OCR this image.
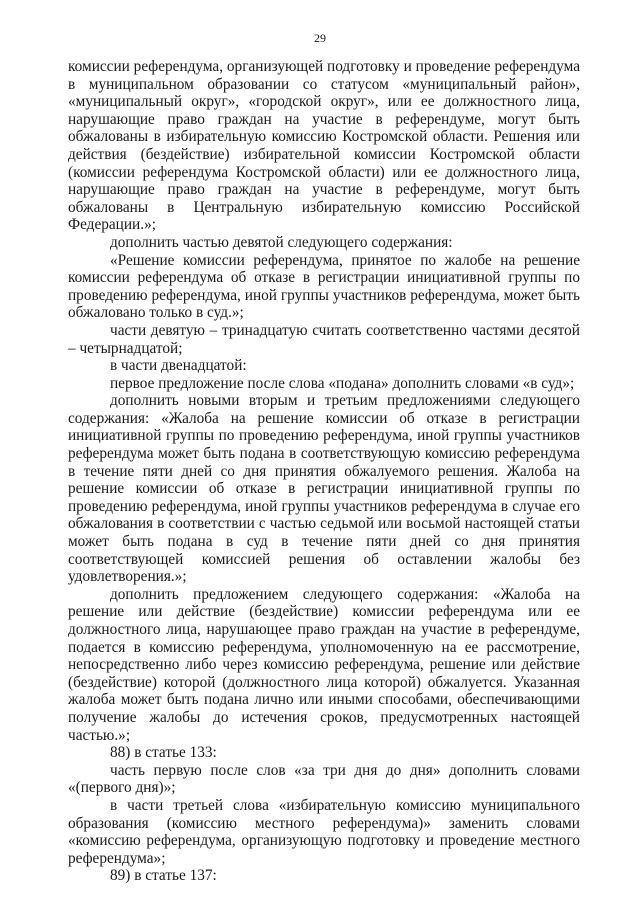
29

комиссии референдума, организующей подготовку и проведение референдума в муниципальном образовании со статусом «муниципальный район», «муниципальный округ», «городской округ», или ее должностного лица, нарушающие право граждан на участие в референдуме, могут быть обжалованы в избирательную комиссию Костромской области. Решения или действия (бездействие) избирательной комиссии Костромской области (комиссии референдума Костромской области) или ее должностного лица, нарушающие право граждан на участие в референдуме, могут быть обжалованы в Центральную избирательную комиссию Российской Федерации.»;

дополнить частью девятой следующего содержания:

«Решение комиссии референдума, принятое по жалобе на решение комиссии референдума об отказе в регистрации инициативной группы по проведению референдума, иной группы участников референдума, может быть обжаловано только в суд.»;

части девятую – тринадцатую считать соответственно частями десятой – четырнадцатой;

в части двенадцатой:

первое предложение после слова «подана» дополнить словами «в суд»;

дополнить новыми вторым и третьим предложениями следующего содержания: «Жалоба на решение комиссии об отказе в регистрации инициативной группы по проведению референдума, иной группы участников референдума может быть подана в соответствующую комиссию референдума в течение пяти дней со дня принятия обжалуемого решения. Жалоба на решение комиссии об отказе в регистрации инициативной группы по проведению референдума, иной группы участников референдума в случае его обжалования в соответствии с частью седьмой или восьмой настоящей статьи может быть подана в суд в течение пяти дней со дня принятия соответствующей комиссией решения об оставлении жалобы без удовлетворения.»;

дополнить предложением следующего содержания: «Жалоба на решение или действие (бездействие) комиссии референдума или ее должностного лица, нарушающее право граждан на участие в референдуме, подается в комиссию референдума, уполномоченную на ее рассмотрение, непосредственно либо через комиссию референдума, решение или действие (бездействие) которой (должностного лица которой) обжалуется. Указанная жалоба может быть подана лично или иными способами, обеспечивающими получение жалобы до истечения сроков, предусмотренных настоящей частью.»;

88) в статье 133:

часть первую после слов «за три дня до дня» дополнить словами «(первого дня)»;

в части третьей слова «избирательную комиссию муниципального образования (комиссию местного референдума)» заменить словами «комиссию референдума, организующую подготовку и проведение местного референдума»;

89) в статье 137:
